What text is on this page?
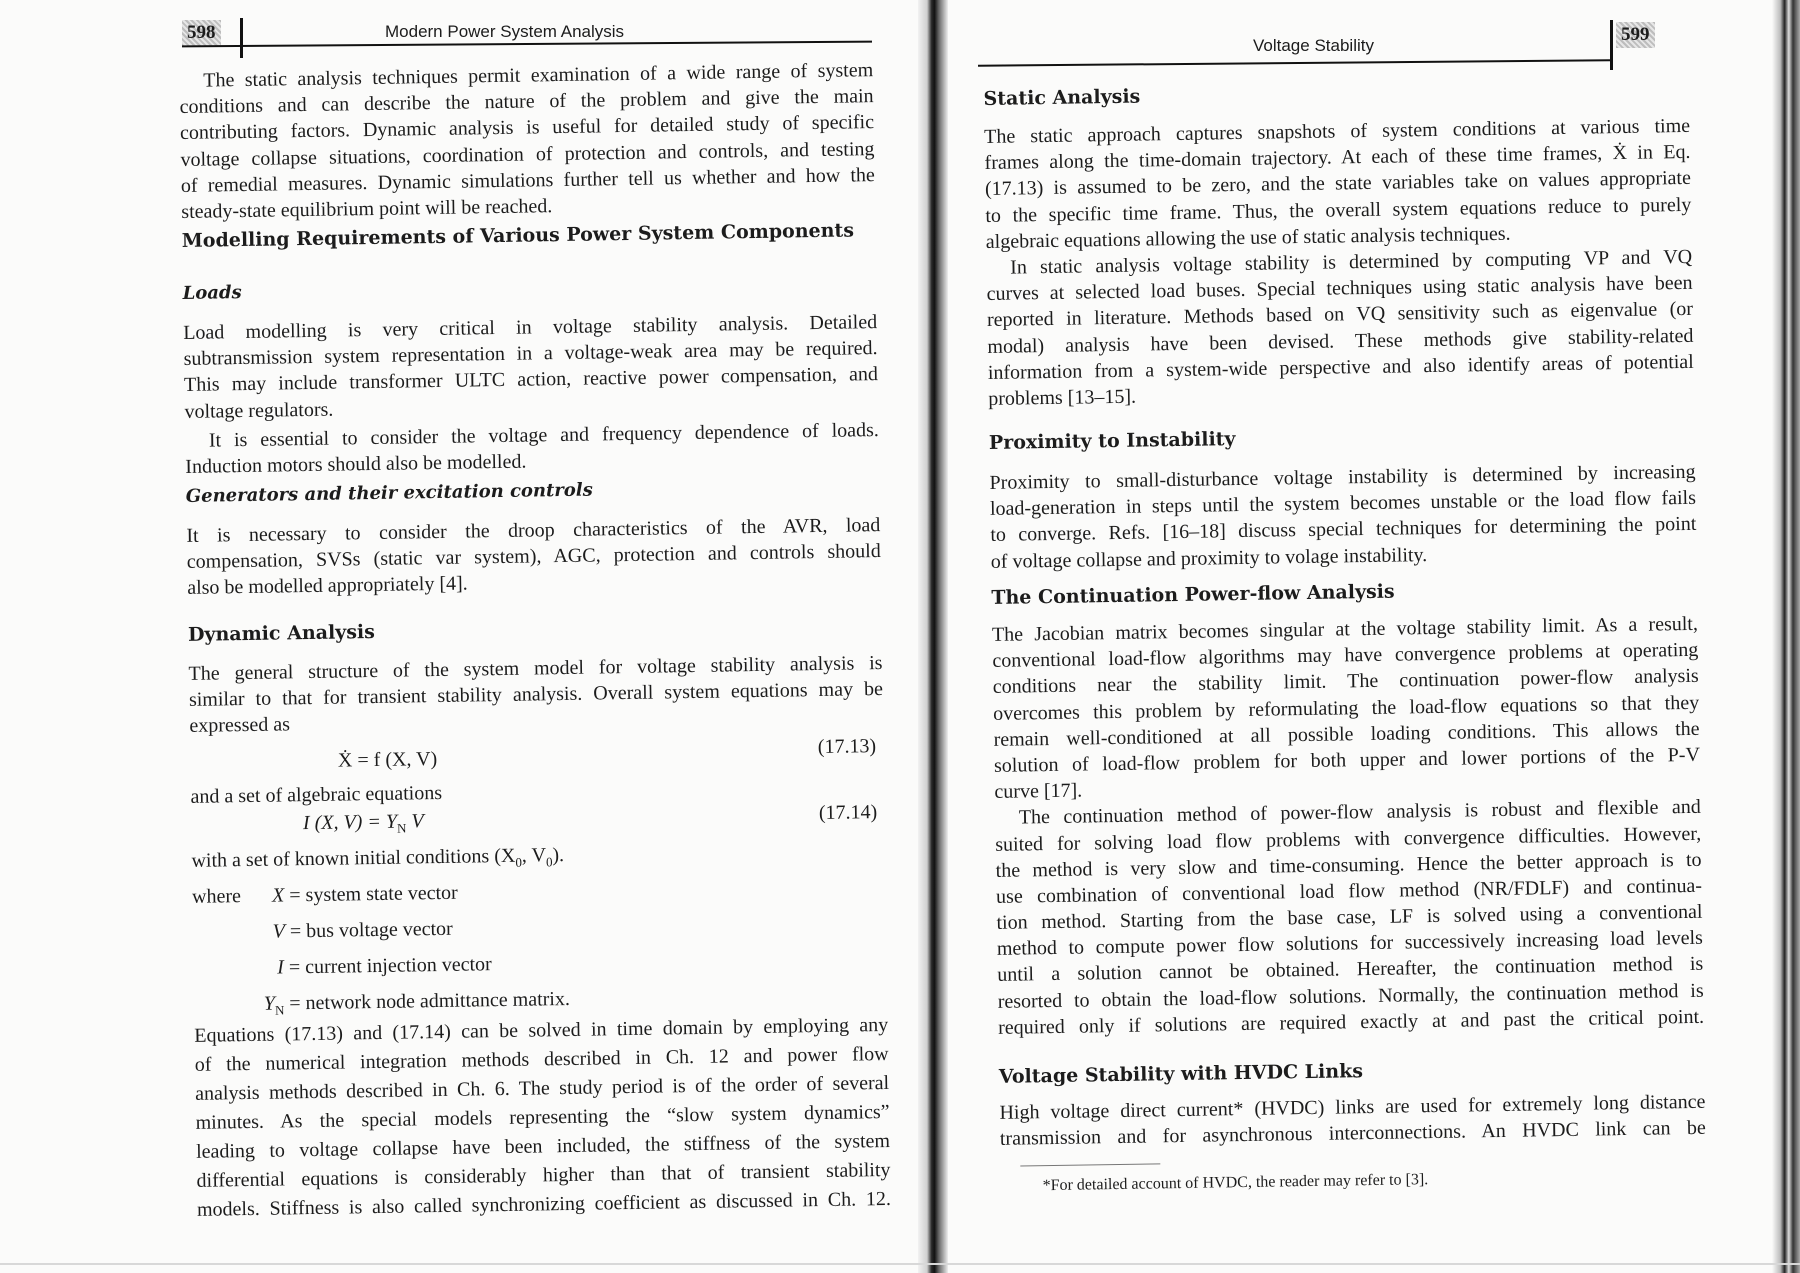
598	Modern Power System Analysis
Voltage Stability
599
The static analysis techniques permit examination of a wide range of system
conditions and can describe the nature of the problem and give the main
contributing factors. Dynamic analysis is useful for detailed study of specific
voltage collapse situations, coordination of protection and controls, and testing
of remedial measures. Dynamic simulations further tell us whether and how the
steady-state equilibrium point will be reached.
Modelling Requirements of Various Power System Components
Loads
Load modelling is very critical in voltage stability analysis. Detailed
subtransmission system representation in a voltage-weak area may be required.
This may include transformer ULTC action, reactive power compensation, and
voltage regulators.
It is essential to consider the voltage and frequency dependence of loads.
Induction motors should also be modelled.
Generators and their excitation controls
It is necessary to consider the droop characteristics of the AVR, load
compensation, SVSs (static var system), AGC, protection and controls should
also be modelled appropriately [4].
Dynamic Analysis
The general structure of the system model for voltage stability analysis is
similar to that for transient stability analysis. Overall system equations may be
expressed as
Equations (17.13) and (17.14) can be solved in time domain by employing any
of the numerical integration methods described in Ch. 12 and power flow
analysis methods described in Ch. 6. The study period is of the order of several
minutes. As the special models representing the “slow system dynamics”
leading to voltage collapse have been included, the stiffness of the system
differential equations is considerably higher than that of transient stability
models. Stiffness is also called synchronizing coefficient as discussed in Ch. 12.
Ẋ = f (X, V)
(17.13)
and a set of algebraic equations
I (X, $V) = Y_N$ V	(17.14)
with a set of known initial conditions ($X_0$, $V_0$).
where X = system state vector
V = bus voltage vector
I = current injection vector
$Y_N$ = network node admittance matrix.
Static Analysis
The static approach captures snapshots of system conditions at various time
frames along the time-domain trajectory. At each of these time frames, Ẋ in Eq.
(17.13) is assumed to be zero, and the state variables take on values appropriate
to the specific time frame. Thus, the overall system equations reduce to purely
algebraic equations allowing the use of static analysis techniques.
In static analysis voltage stability is determined by computing VP and VQ
curves at selected load buses. Special techniques using static analysis have been
reported in literature. Methods based on VQ sensitivity such as eigenvalue (or
modal) analysis have been devised. These methods give stability-related
information from a system-wide perspective and also identify areas of potential
problems [13–15].
Proximity to Instability
Proximity to small-disturbance voltage instability is determined by increasing
load-generation in steps until the system becomes unstable or the load flow fails
to converge. Refs. [16–18] discuss special techniques for determining the point
of voltage collapse and proximity to volage instability.
The Continuation Power-flow Analysis
The Jacobian matrix becomes singular at the voltage stability limit. As a result,
conventional load-flow algorithms may have convergence problems at operating
conditions near the stability limit. The continuation power-flow analysis
overcomes this problem by reformulating the load-flow equations so that they
remain well-conditioned at all possible loading conditions. This allows the
solution of load-flow problem for both upper and lower portions of the P-V
curve [17].
The continuation method of power-flow analysis is robust and flexible and
suited for solving load flow problems with convergence difficulties. However,
the method is very slow and time-consuming. Hence the better approach is to
use combination of conventional load flow method (NR/FDLF) and continua-
tion method. Starting from the base case, LF is solved using a conventional
method to compute power flow solutions for successively increasing load levels
until a solution cannot be obtained. Hereafter, the continuation method is
resorted to obtain the load-flow solutions. Normally, the continuation method is
required only if solutions are required exactly at and past the critical point.
Voltage Stability with HVDC Links
High voltage direct current* (HVDC) links are used for extremely long distance
transmission and for asynchronous interconnections. An HVDC link can be
*For detailed account of HVDC, the reader may refer to [3].
